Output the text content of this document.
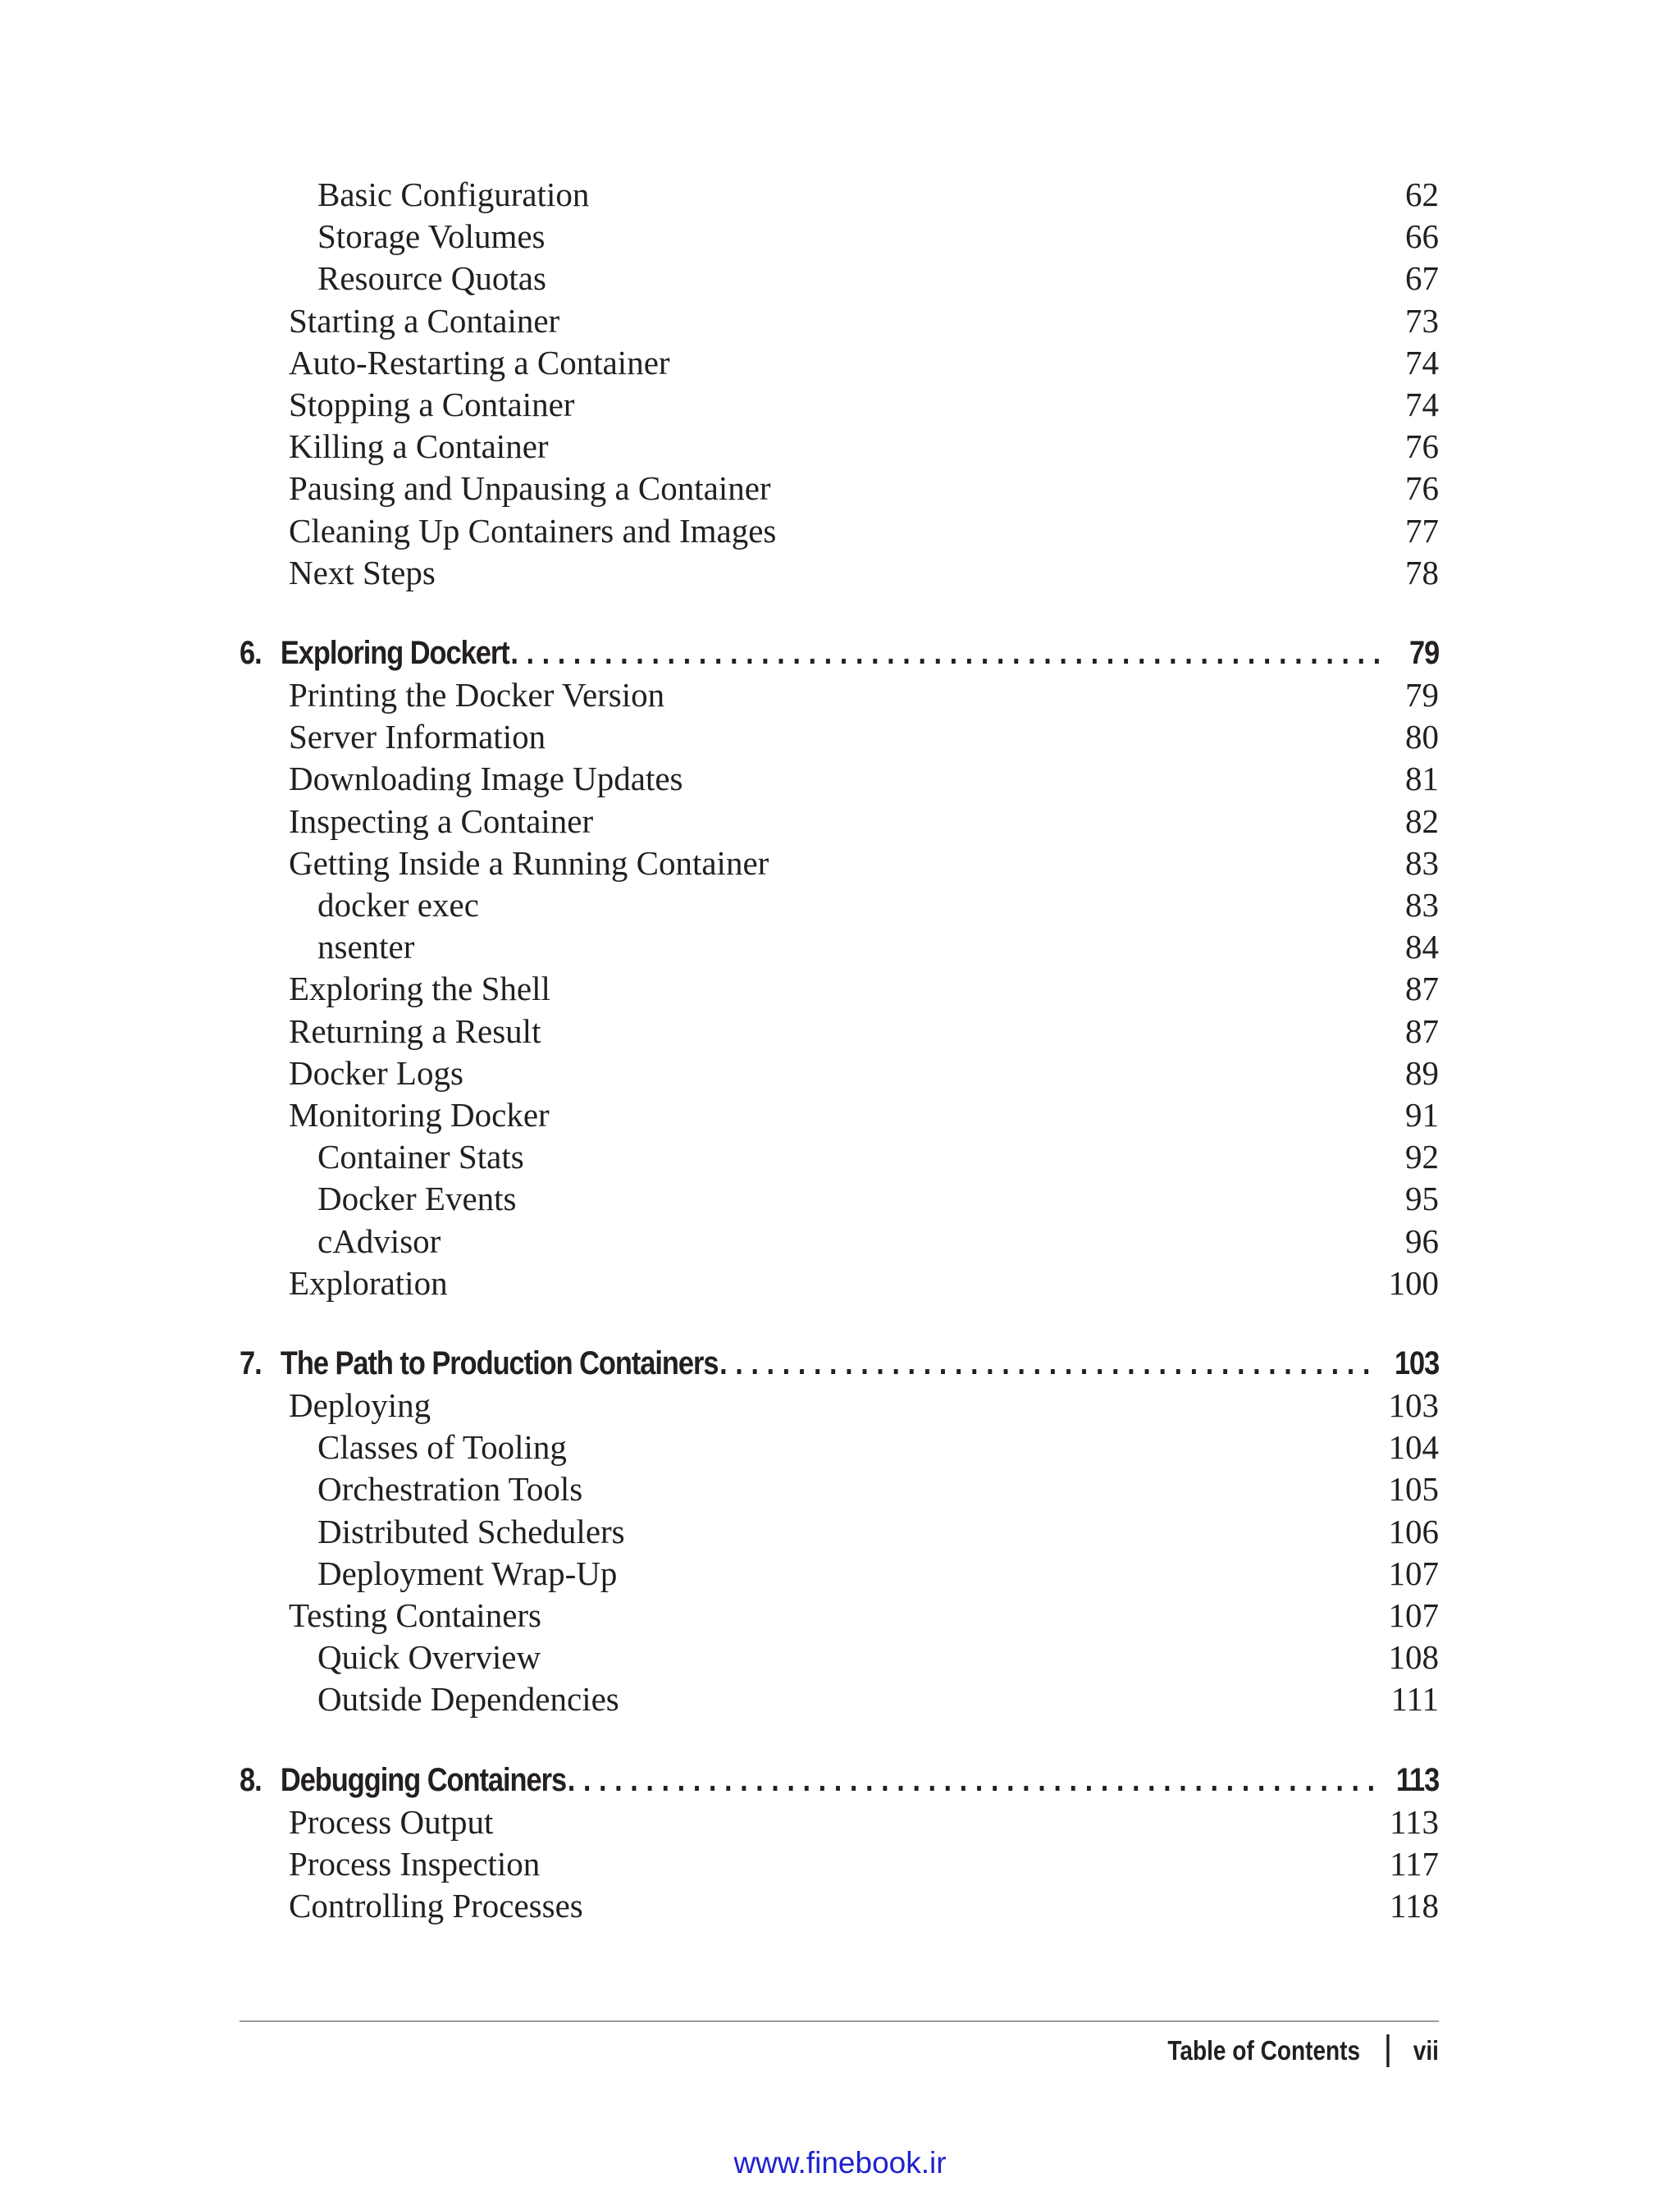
Basic Configuration	62
Storage Volumes	66
Resource Quotas	67
Starting a Container	73
Auto-Restarting a Container	74
Stopping a Container	74
Killing a Container	76
Pausing and Unpausing a Container	76
Cleaning Up Containers and Images	77
Next Steps	78
6. Exploring Dockert . . .	79
Printing the Docker Version	79
Server Information	80
Downloading Image Updates	81
Inspecting a Container	82
Getting Inside a Running Container	83
docker exec	83
nsenter	84
Exploring the Shell	87
Returning a Result	87
Docker Logs	89
Monitoring Docker	91
Container Stats	92
Docker Events	95
cAdvisor	96
Exploration	100
7. The Path to Production Containers . . .	103
Deploying	103
Classes of Tooling	104
Orchestration Tools	105
Distributed Schedulers	106
Deployment Wrap-Up	107
Testing Containers	107
Quick Overview	108
Outside Dependencies	111
8. Debugging Containers . . .	113
Process Output	113
Process Inspection	117
Controlling Processes	118
Table of Contents vii
www.finebook.ir
